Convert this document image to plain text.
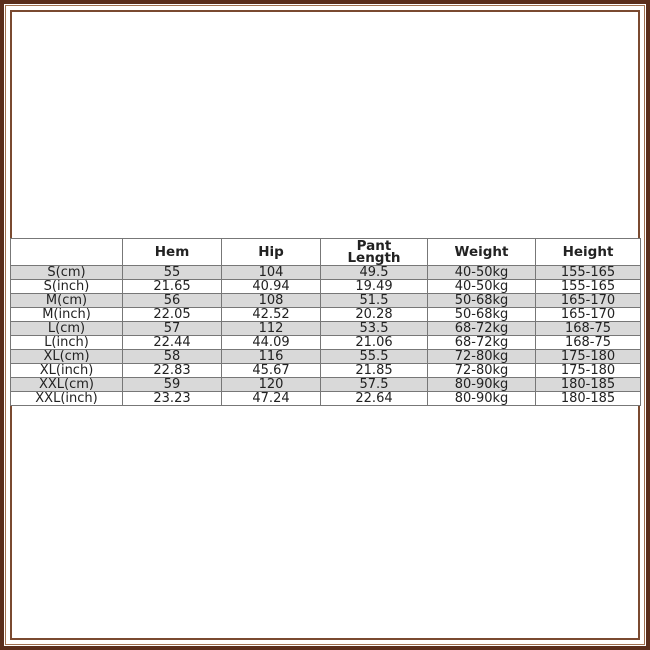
	Hem	Hip	Pant Length	Weight	Height
S(cm)	55	104	49.5	40-50kg	155-165
S(inch)	21.65	40.94	19.49	40-50kg	155-165
M(cm)	56	108	51.5	50-68kg	165-170
M(inch)	22.05	42.52	20.28	50-68kg	165-170
L(cm)	57	112	53.5	68-72kg	168-75
L(inch)	22.44	44.09	21.06	68-72kg	168-75
XL(cm)	58	116	55.5	72-80kg	175-180
XL(inch)	22.83	45.67	21.85	72-80kg	175-180
XXL(cm)	59	120	57.5	80-90kg	180-185
XXL(inch)	23.23	47.24	22.64	80-90kg	180-185
